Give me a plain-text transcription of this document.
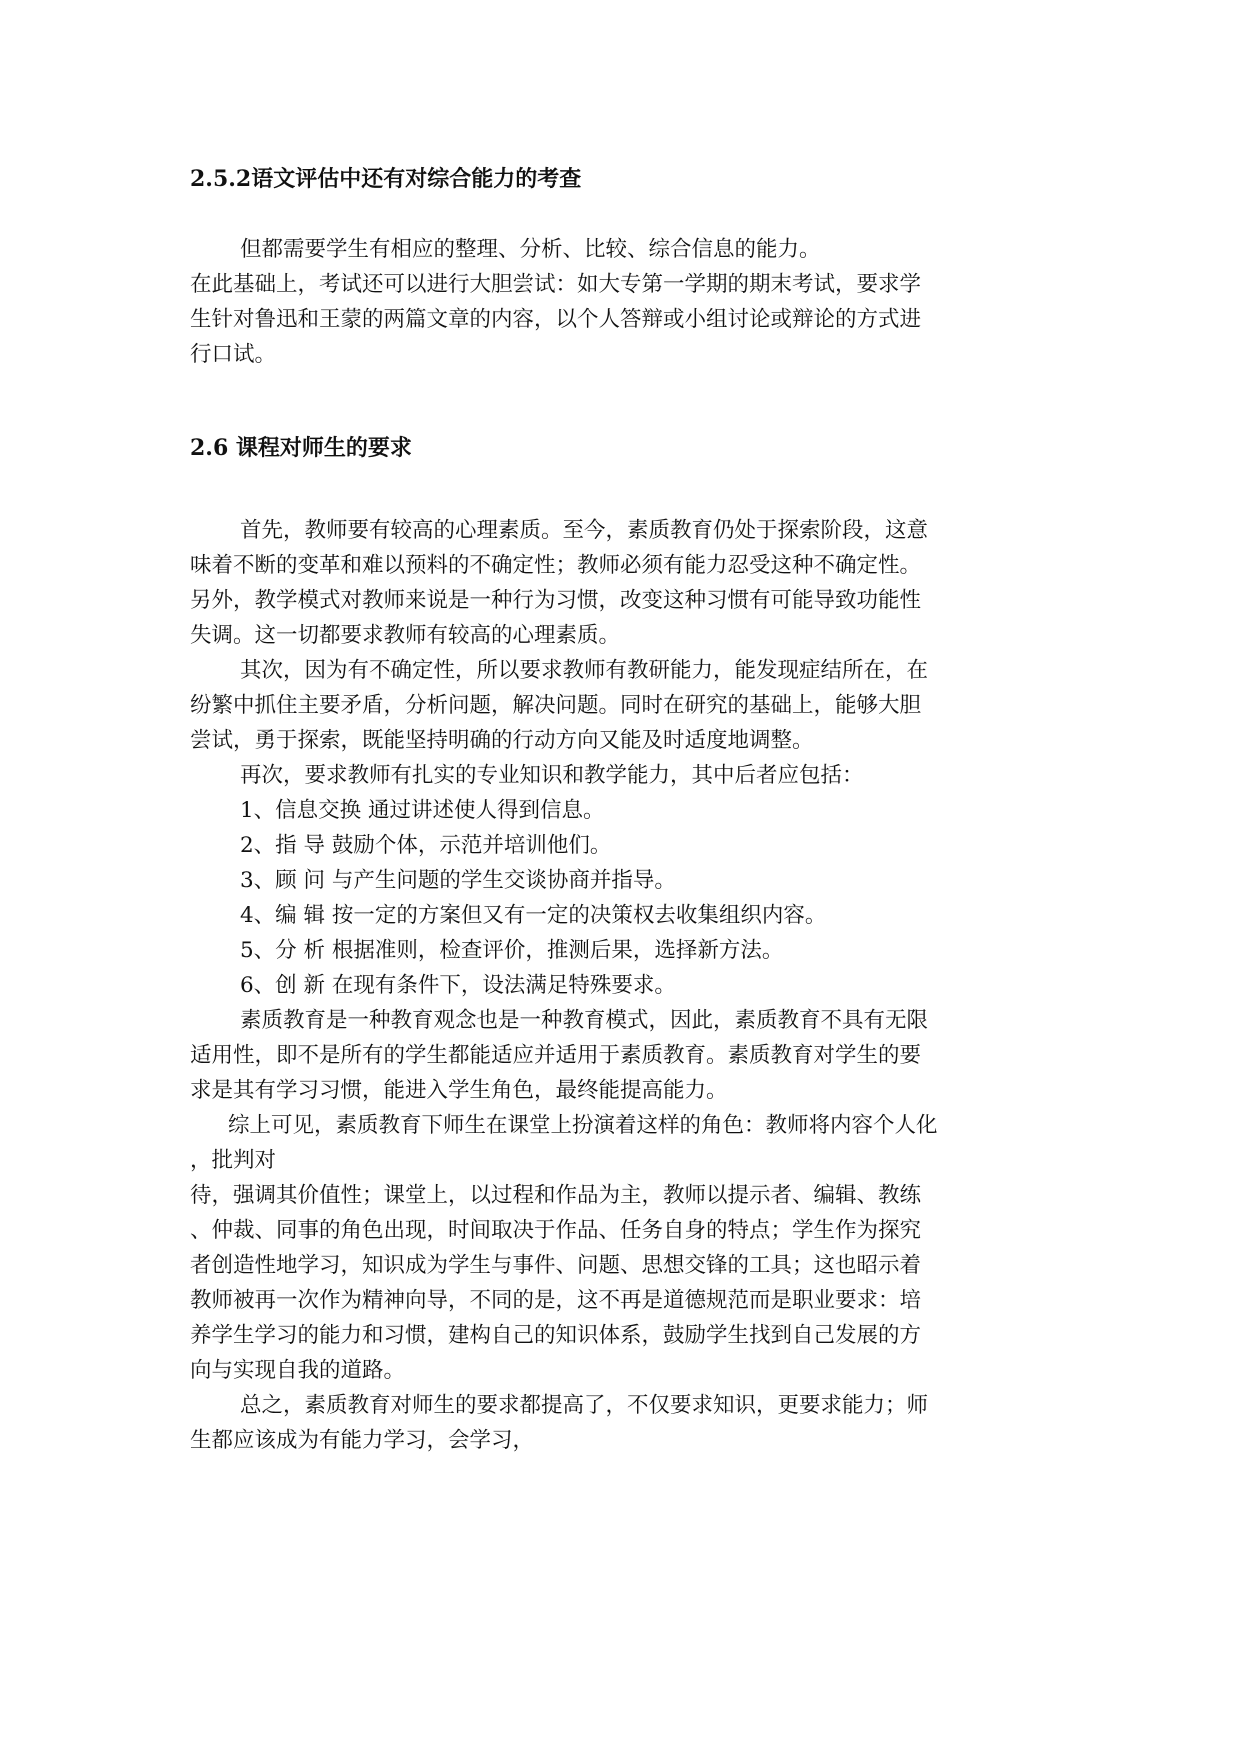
2.5.2语文评估中还有对综合能力的考查
但都需要学生有相应的整理、分析、比较、综合信息的能力。
在此基础上，考试还可以进行大胆尝试：如大专第一学期的期末考试，要求学
生针对鲁迅和王蒙的两篇文章的内容，以个人答辩或小组讨论或辩论的方式进
行口试。
2.6 课程对师生的要求
首先，教师要有较高的心理素质。至今，素质教育仍处于探索阶段，这意
味着不断的变革和难以预料的不确定性；教师必须有能力忍受这种不确定性。
另外，教学模式对教师来说是一种行为习惯，改变这种习惯有可能导致功能性
失调。这一切都要求教师有较高的心理素质。
其次，因为有不确定性，所以要求教师有教研能力，能发现症结所在，在
纷繁中抓住主要矛盾，分析问题，解决问题。同时在研究的基础上，能够大胆
尝试，勇于探索，既能坚持明确的行动方向又能及时适度地调整。
再次，要求教师有扎实的专业知识和教学能力，其中后者应包括：
1、信息交换 通过讲述使人得到信息。
2、指 导 鼓励个体，示范并培训他们。
3、顾 问 与产生问题的学生交谈协商并指导。
4、编 辑 按一定的方案但又有一定的决策权去收集组织内容。
5、分 析 根据准则，检查评价，推测后果，选择新方法。
6、创 新 在现有条件下，设法满足特殊要求。
素质教育是一种教育观念也是一种教育模式，因此，素质教育不具有无限
适用性，即不是所有的学生都能适应并适用于素质教育。素质教育对学生的要
求是其有学习习惯，能进入学生角色，最终能提高能力。
综上可见，素质教育下师生在课堂上扮演着这样的角色：教师将内容个人化
，批判对
待，强调其价值性；课堂上，以过程和作品为主，教师以提示者、编辑、教练
、仲裁、同事的角色出现，时间取决于作品、任务自身的特点；学生作为探究
者创造性地学习，知识成为学生与事件、问题、思想交锋的工具；这也昭示着
教师被再一次作为精神向导，不同的是，这不再是道德规范而是职业要求：培
养学生学习的能力和习惯，建构自己的知识体系，鼓励学生找到自己发展的方
向与实现自我的道路。
总之，素质教育对师生的要求都提高了，不仅要求知识，更要求能力；师
生都应该成为有能力学习，会学习，
